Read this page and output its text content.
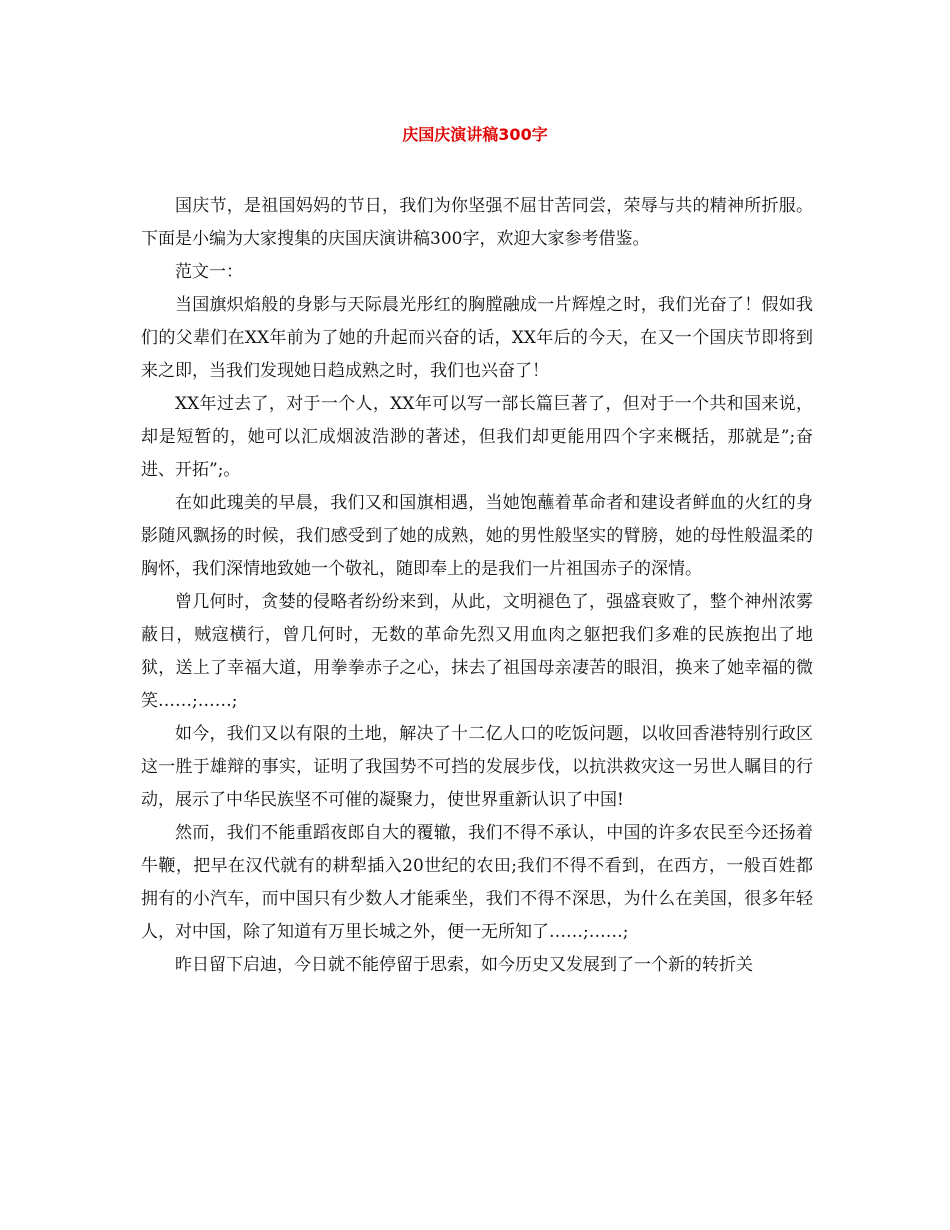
庆国庆演讲稿300字

国庆节，是祖国妈妈的节日，我们为你坚强不屈甘苦同尝，荣辱与共的精神所折服。下面是小编为大家搜集的庆国庆演讲稿300字，欢迎大家参考借鉴。

范文一：

当国旗炽焰般的身影与天际晨光彤红的胸膛融成一片辉煌之时，我们光奋了！假如我们的父辈们在XX年前为了她的升起而兴奋的话，XX年后的今天，在又一个国庆节即将到来之即，当我们发现她日趋成熟之时，我们也兴奋了！

XX年过去了，对于一个人，XX年可以写一部长篇巨著了，但对于一个共和国来说，却是短暂的，她可以汇成烟波浩渺的著述，但我们却更能用四个字来概括，那就是”;奋进、开拓”;。

在如此瑰美的早晨，我们又和国旗相遇，当她饱蘸着革命者和建设者鲜血的火红的身影随风飘扬的时候，我们感受到了她的成熟，她的男性般坚实的臂膀，她的母性般温柔的胸怀，我们深情地致她一个敬礼，随即奉上的是我们一片祖国赤子的深情。

曾几何时，贪婪的侵略者纷纷来到，从此，文明褪色了，强盛衰败了，整个神州浓雾蔽日，贼寇横行，曾几何时，无数的革命先烈又用血肉之躯把我们多难的民族抱出了地狱，送上了幸福大道，用拳拳赤子之心，抹去了祖国母亲凄苦的眼泪，换来了她幸福的微笑……;……;

如今，我们又以有限的土地，解决了十二亿人口的吃饭问题，以收回香港特别行政区这一胜于雄辩的事实，证明了我国势不可挡的发展步伐，以抗洪救灾这一另世人瞩目的行动，展示了中华民族坚不可催的凝聚力，使世界重新认识了中国!

然而，我们不能重蹈夜郎自大的覆辙，我们不得不承认，中国的许多农民至今还扬着牛鞭，把早在汉代就有的耕犁插入20世纪的农田;我们不得不看到，在西方，一般百姓都拥有的小汽车，而中国只有少数人才能乘坐，我们不得不深思，为什么在美国，很多年轻人，对中国，除了知道有万里长城之外，便一无所知了……;……;

昨日留下启迪，今日就不能停留于思索，如今历史又发展到了一个新的转折关
